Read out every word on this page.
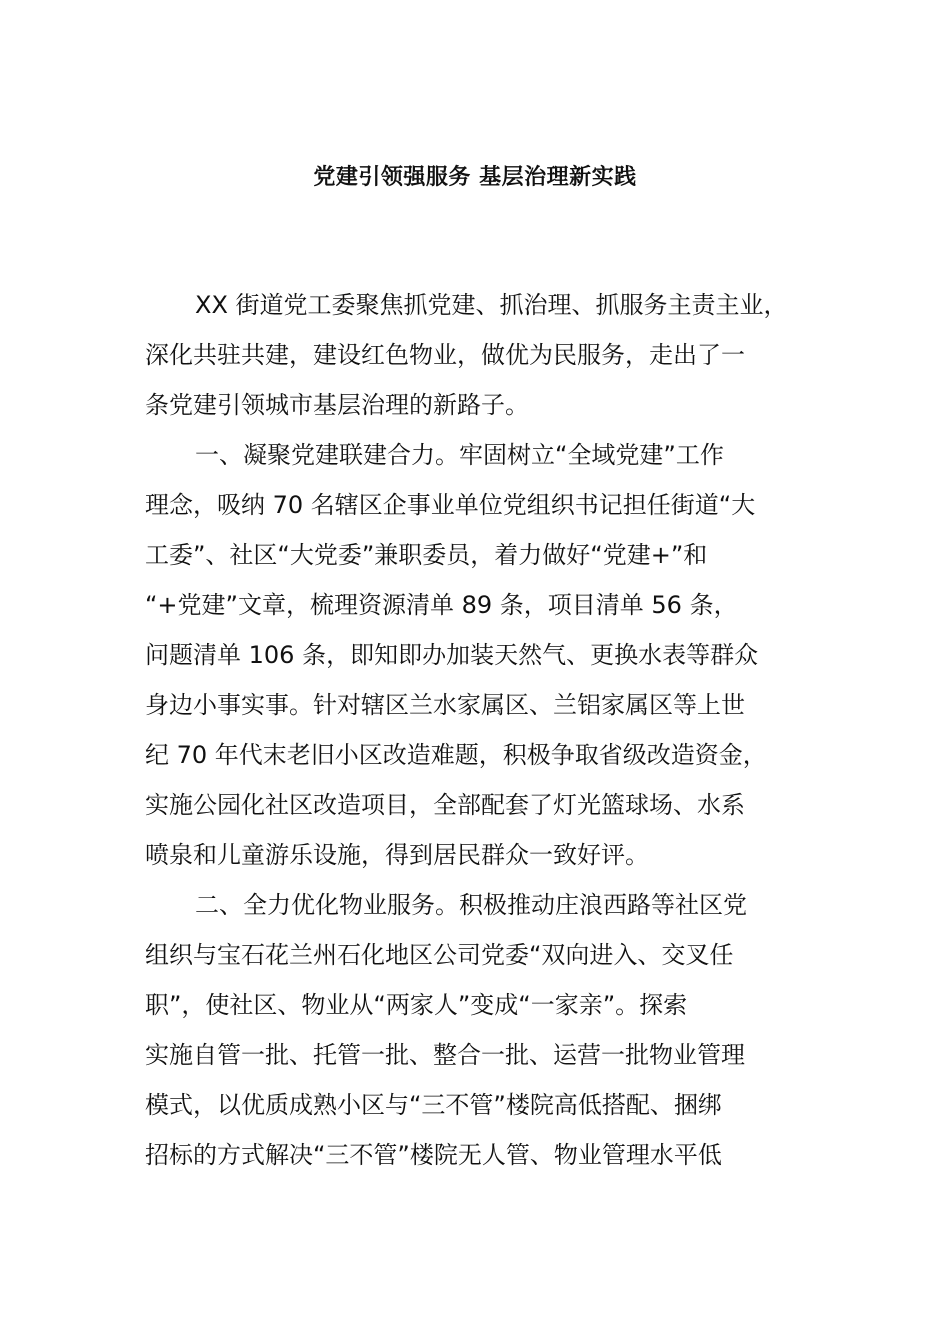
党建引领强服务 基层治理新实践

XX 街道党工委聚焦抓党建、抓治理、抓服务主责主业，
深化共驻共建，建设红色物业，做优为民服务，走出了一
条党建引领城市基层治理的新路子。

一、凝聚党建联建合力。牢固树立“全域党建”工作
理念，吸纳 70 名辖区企事业单位党组织书记担任街道“大
工委”、社区“大党委”兼职委员，着力做好“党建+”和
“+党建”文章，梳理资源清单 89 条，项目清单 56 条，
问题清单 106 条，即知即办加装天然气、更换水表等群众
身边小事实事。针对辖区兰水家属区、兰铝家属区等上世
纪 70 年代末老旧小区改造难题，积极争取省级改造资金，
实施公园化社区改造项目，全部配套了灯光篮球场、水系
喷泉和儿童游乐设施，得到居民群众一致好评。

二、全力优化物业服务。积极推动庄浪西路等社区党
组织与宝石花兰州石化地区公司党委“双向进入、交叉任
职”，使社区、物业从“两家人”变成“一家亲”。探索
实施自管一批、托管一批、整合一批、运营一批物业管理
模式，以优质成熟小区与“三不管”楼院高低搭配、捆绑
招标的方式解决“三不管”楼院无人管、物业管理水平低
